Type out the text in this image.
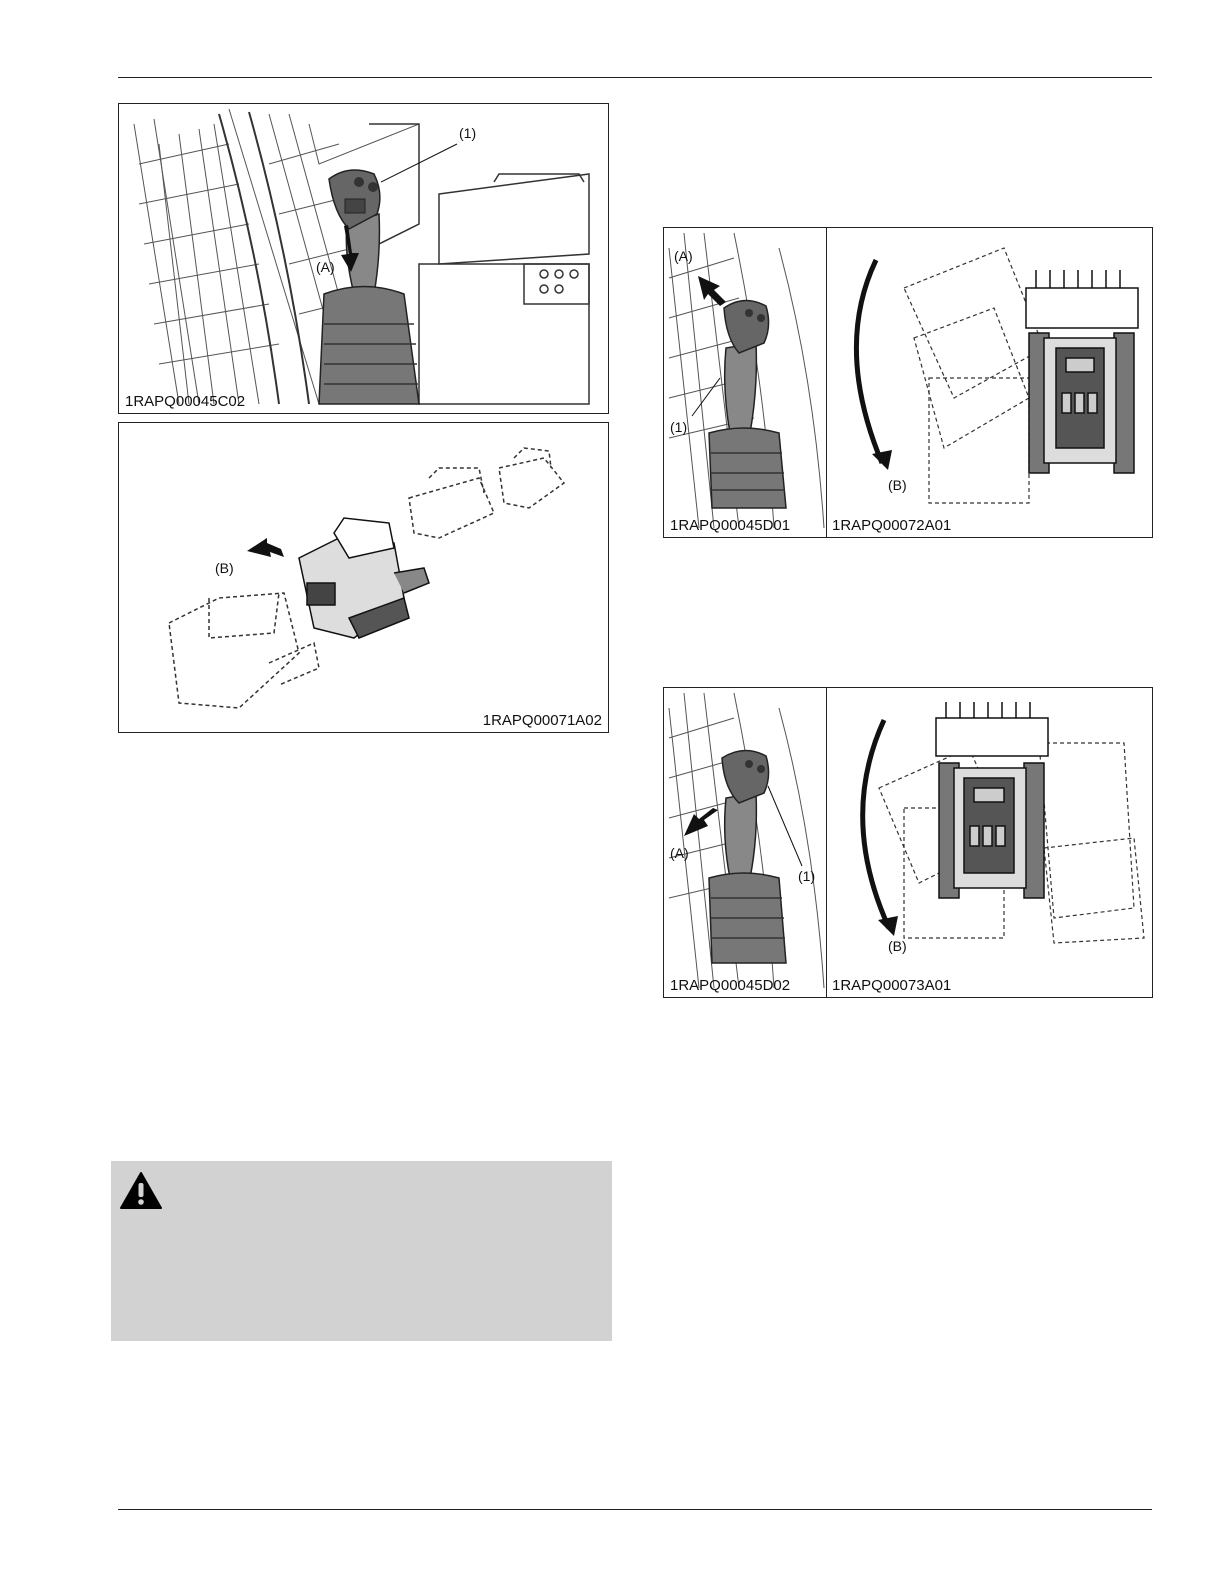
(1)
(A)
1RAPQ00045C02
(B)
1RAPQ00071A02
(A)
(1)
(B)
1RAPQ00045D01	1RAPQ00072A01
(A)
(1)
(B)
1RAPQ00045D02	1RAPQ00073A01
